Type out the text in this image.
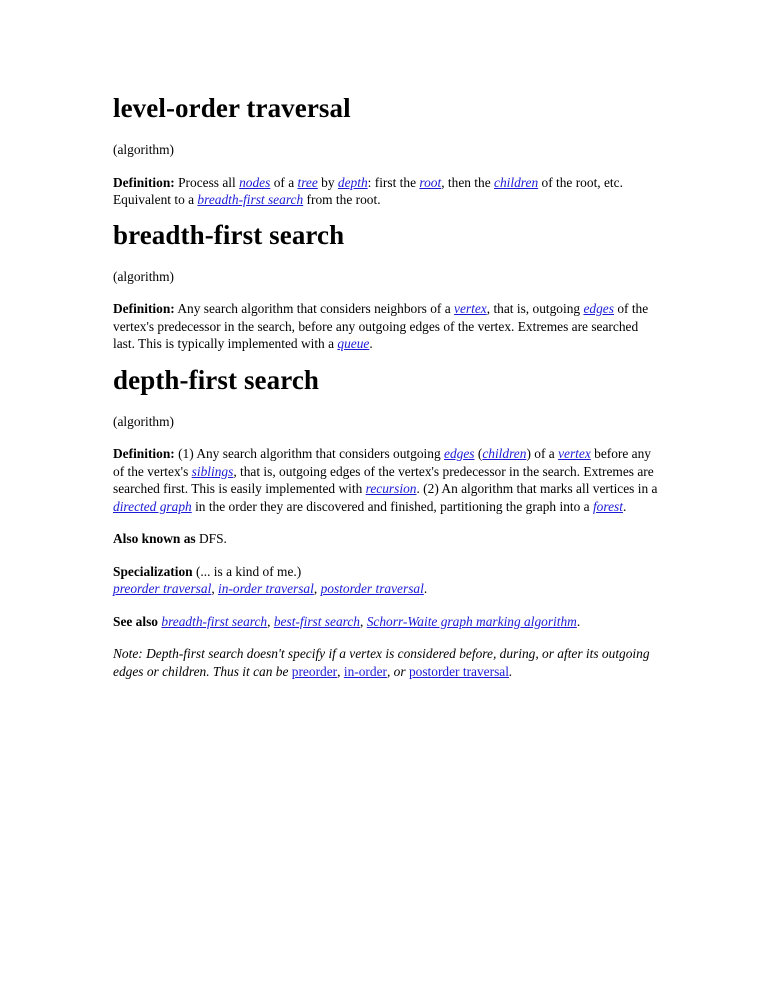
level-order traversal

(algorithm)

Definition: Process all nodes of a tree by depth: first the root, then the children of the root, etc. Equivalent to a breadth-first search from the root.

breadth-first search

(algorithm)

Definition: Any search algorithm that considers neighbors of a vertex, that is, outgoing edges of the vertex's predecessor in the search, before any outgoing edges of the vertex. Extremes are searched last. This is typically implemented with a queue.

depth-first search

(algorithm)

Definition: (1) Any search algorithm that considers outgoing edges (children) of a vertex before any of the vertex's siblings, that is, outgoing edges of the vertex's predecessor in the search. Extremes are searched first. This is easily implemented with recursion. (2) An algorithm that marks all vertices in a directed graph in the order they are discovered and finished, partitioning the graph into a forest.

Also known as DFS.

Specialization (... is a kind of me.)
preorder traversal, in-order traversal, postorder traversal.

See also breadth-first search, best-first search, Schorr-Waite graph marking algorithm.

Note: Depth-first search doesn't specify if a vertex is considered before, during, or after its outgoing edges or children. Thus it can be preorder, in-order, or postorder traversal.
